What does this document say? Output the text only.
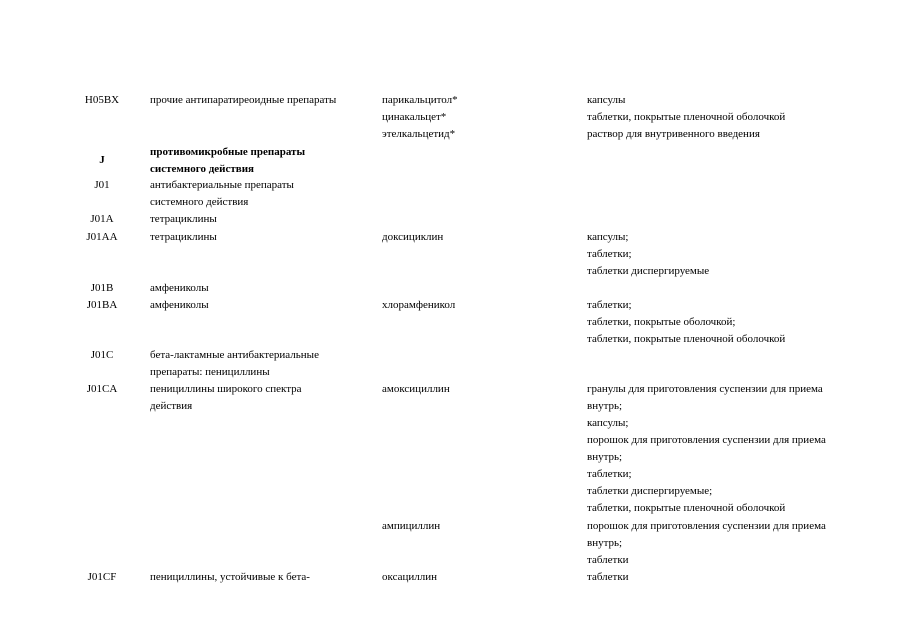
H05BX	прочие антипаратиреоидные препараты	парикальцитол*	капсулы
цинакальцет*	таблетки, покрытые пленочной оболочкой
этелкальцетид*	раствор для внутривенного введения
J
противомикробные препараты
системного действия
J01	антибактериальные препараты
системного действия
J01A	тетрациклины
J01AA	тетрациклины	доксициклин	капсулы;
таблетки;
таблетки диспергируемые
J01B	амфениколы
J01BA	амфениколы	хлорамфеникол	таблетки;
таблетки, покрытые оболочкой;
таблетки, покрытые пленочной оболочкой
J01C	бета-лактамные антибактериальные
препараты: пенициллины
J01CA	пенициллины широкого спектра
действия
амоксициллин	гранулы для приготовления суспензии для приема
внутрь;
капсулы;
порошок для приготовления суспензии для приема
внутрь;
таблетки;
таблетки диспергируемые;
таблетки, покрытые пленочной оболочкой
ампициллин	порошок для приготовления суспензии для приема
внутрь;
таблетки
J01CF	пенициллины, устойчивые к бета-	оксациллин	таблетки
